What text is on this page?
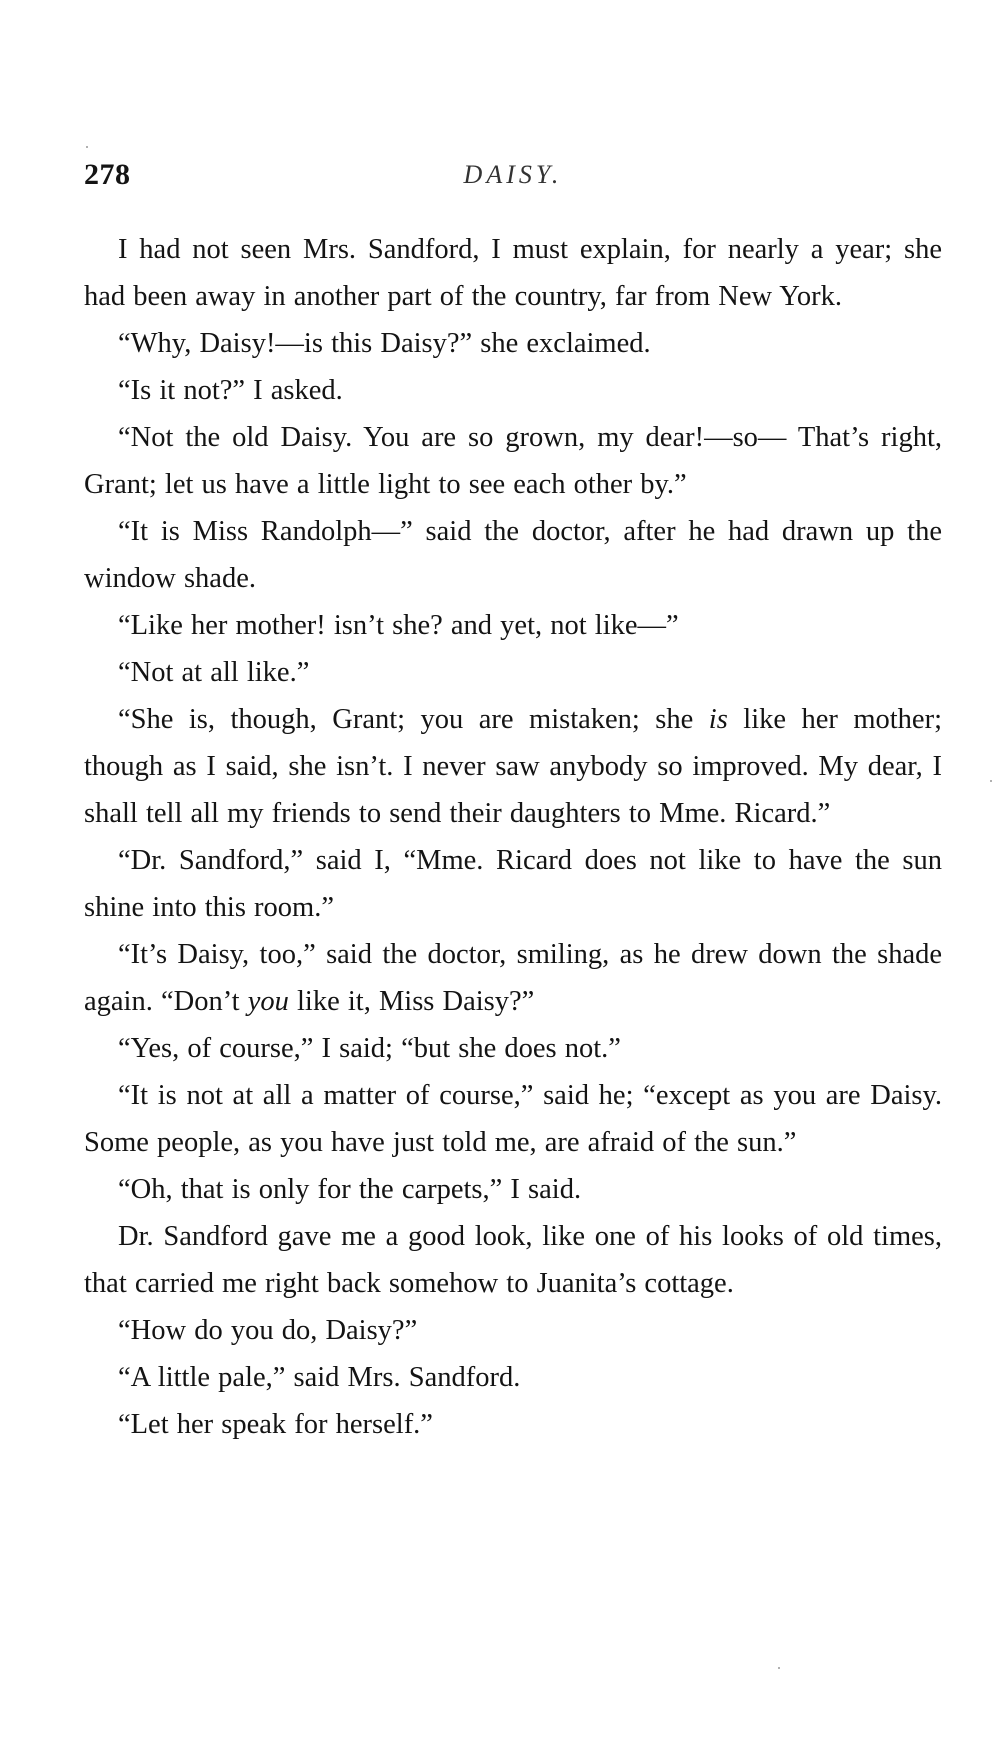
278	DAISY.

I had not seen Mrs. Sandford, I must explain, for nearly a year; she had been away in another part of the country, far from New York.

“Why, Daisy!—is this Daisy?” she exclaimed.

“Is it not?” I asked.

“Not the old Daisy. You are so grown, my dear!—so— That’s right, Grant; let us have a little light to see each other by.”

“It is Miss Randolph—” said the doctor, after he had drawn up the window shade.

“Like her mother! isn’t she? and yet, not like—”

“Not at all like.”

“She is, though, Grant; you are mistaken; she is like her mother; though as I said, she isn’t. I never saw anybody so improved. My dear, I shall tell all my friends to send their daughters to Mme. Ricard.”

“Dr. Sandford,” said I, “Mme. Ricard does not like to have the sun shine into this room.”

“It’s Daisy, too,” said the doctor, smiling, as he drew down the shade again. “Don’t you like it, Miss Daisy?”

“Yes, of course,” I said; “but she does not.”

“It is not at all a matter of course,” said he; “except as you are Daisy. Some people, as you have just told me, are afraid of the sun.”

“Oh, that is only for the carpets,” I said.

Dr. Sandford gave me a good look, like one of his looks of old times, that carried me right back somehow to Juanita’s cottage.

“How do you do, Daisy?”

“A little pale,” said Mrs. Sandford.

“Let her speak for herself.”
